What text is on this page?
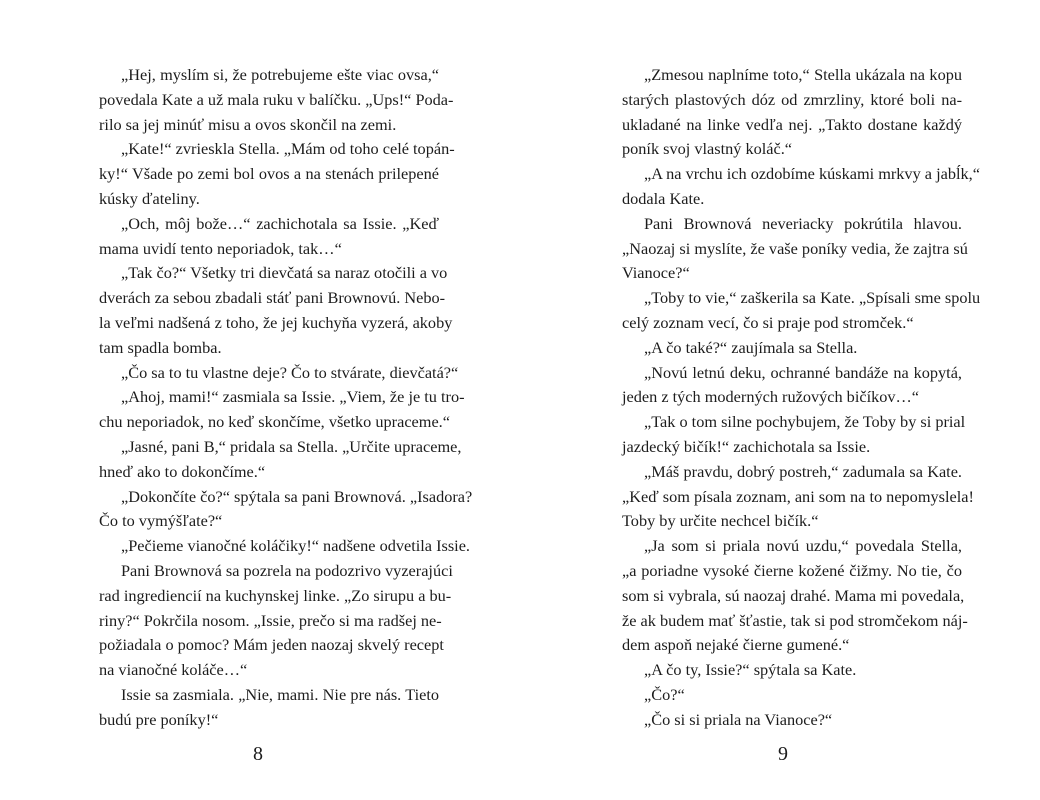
„Hej, myslím si, že potrebujeme ešte viac ovsa,“
povedala Kate a už mala ruku v balíčku. „Ups!“ Poda-
rilo sa jej minúť misu a ovos skončil na zemi.
„Kate!“ zvrieskla Stella. „Mám od toho celé topán-
ky!“ Všade po zemi bol ovos a na stenách prilepené
kúsky ďateliny.
„Och, môj bože…“ zachichotala sa Issie. „Keď
mama uvidí tento neporiadok, tak…“
„Tak čo?“ Všetky tri dievčatá sa naraz otočili a vo
dverách za sebou zbadali stáť pani Brownovú. Nebo-
la veľmi nadšená z toho, že jej kuchyňa vyzerá, akoby
tam spadla bomba.
„Čo sa to tu vlastne deje? Čo to stvárate, dievčatá?“
„Ahoj, mami!“ zasmiala sa Issie. „Viem, že je tu tro-
chu neporiadok, no keď skončíme, všetko upraceme.“
„Jasné, pani B,“ pridala sa Stella. „Určite upraceme,
hneď ako to dokončíme.“
„Dokončíte čo?“ spýtala sa pani Brownová. „Isadora?
Čo to vymýšľate?“
„Pečieme vianočné koláčiky!“ nadšene odvetila Issie.
Pani Brownová sa pozrela na podozrivo vyzerajúci
rad ingrediencií na kuchynskej linke. „Zo sirupu a bu-
riny?“ Pokrčila nosom. „Issie, prečo si ma radšej ne-
požiadala o pomoc? Mám jeden naozaj skvelý recept
na vianočné koláče…“
Issie sa zasmiala. „Nie, mami. Nie pre nás. Tieto
budú pre poníky!“
8
„Zmesou naplníme toto,“ Stella ukázala na kopu
starých plastových dóz od zmrzliny, ktoré boli na-
ukladané na linke vedľa nej. „Takto dostane každý
poník svoj vlastný koláč.“
„A na vrchu ich ozdobíme kúskami mrkvy a jabĺk,“
dodala Kate.
Pani Brownová neveriacky pokrútila hlavou.
„Naozaj si myslíte, že vaše poníky vedia, že zajtra sú
Vianoce?“
„Toby to vie,“ zaškerila sa Kate. „Spísali sme spolu
celý zoznam vecí, čo si praje pod stromček.“
„A čo také?“ zaujímala sa Stella.
„Novú letnú deku, ochranné bandáže na kopytá,
jeden z tých moderných ružových bičíkov…“
„Tak o tom silne pochybujem, že Toby by si prial
jazdecký bičík!“ zachichotala sa Issie.
„Máš pravdu, dobrý postreh,“ zadumala sa Kate.
„Keď som písala zoznam, ani som na to nepomyslela!
Toby by určite nechcel bičík.“
„Ja som si priala novú uzdu,“ povedala Stella,
„a poriadne vysoké čierne kožené čižmy. No tie, čo
som si vybrala, sú naozaj drahé. Mama mi povedala,
že ak budem mať šťastie, tak si pod stromčekom náj-
dem aspoň nejaké čierne gumené.“
„A čo ty, Issie?“ spýtala sa Kate.
„Čo?“
„Čo si si priala na Vianoce?“
9
